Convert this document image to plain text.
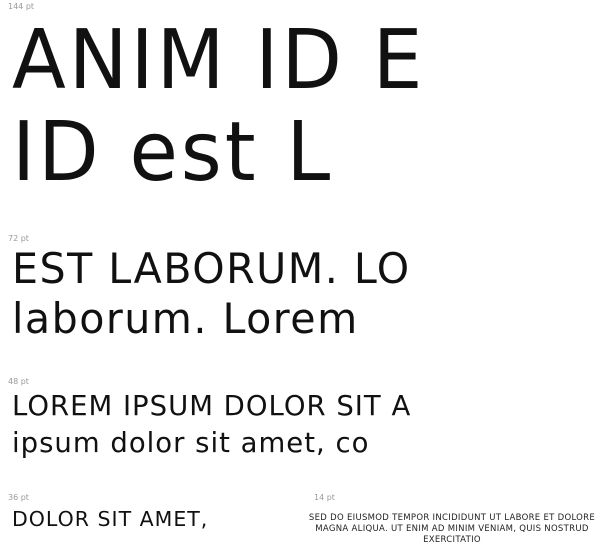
144 pt
ANIM ID E
ID est L
72 pt
EST LABORUM. LO
laborum. Lorem
48 pt
LOREM IPSUM DOLOR SIT A
ipsum dolor sit amet, co
36 pt
DOLOR SIT AMET,
14 pt
SED DO EIUSMOD TEMPOR INCIDIDUNT UT LABORE ET DOLORE MAGNA ALIQUA. UT ENIM AD MINIM VENIAM, QUIS NOSTRUD EXERCITATIO
